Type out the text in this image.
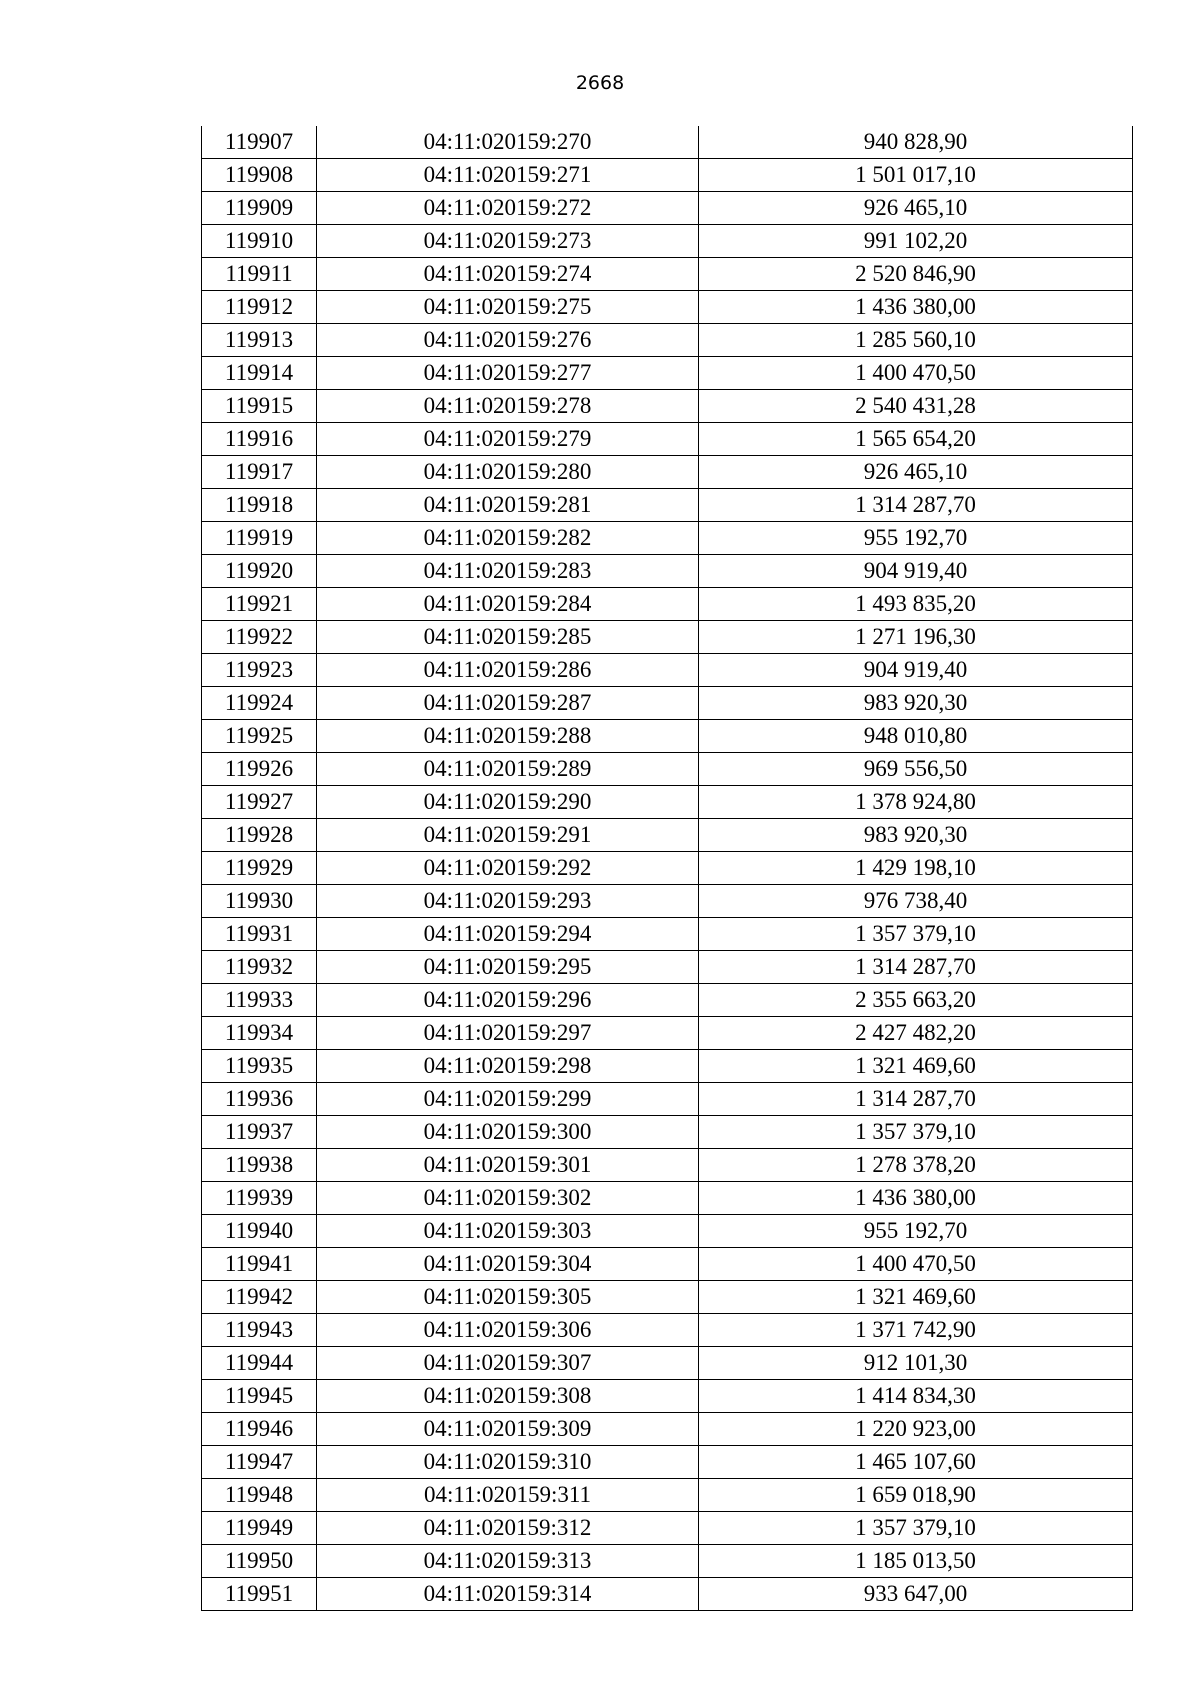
2668
119907	04:11:020159:270	940 828,90
119908	04:11:020159:271	1 501 017,10
119909	04:11:020159:272	926 465,10
119910	04:11:020159:273	991 102,20
119911	04:11:020159:274	2 520 846,90
119912	04:11:020159:275	1 436 380,00
119913	04:11:020159:276	1 285 560,10
119914	04:11:020159:277	1 400 470,50
119915	04:11:020159:278	2 540 431,28
119916	04:11:020159:279	1 565 654,20
119917	04:11:020159:280	926 465,10
119918	04:11:020159:281	1 314 287,70
119919	04:11:020159:282	955 192,70
119920	04:11:020159:283	904 919,40
119921	04:11:020159:284	1 493 835,20
119922	04:11:020159:285	1 271 196,30
119923	04:11:020159:286	904 919,40
119924	04:11:020159:287	983 920,30
119925	04:11:020159:288	948 010,80
119926	04:11:020159:289	969 556,50
119927	04:11:020159:290	1 378 924,80
119928	04:11:020159:291	983 920,30
119929	04:11:020159:292	1 429 198,10
119930	04:11:020159:293	976 738,40
119931	04:11:020159:294	1 357 379,10
119932	04:11:020159:295	1 314 287,70
119933	04:11:020159:296	2 355 663,20
119934	04:11:020159:297	2 427 482,20
119935	04:11:020159:298	1 321 469,60
119936	04:11:020159:299	1 314 287,70
119937	04:11:020159:300	1 357 379,10
119938	04:11:020159:301	1 278 378,20
119939	04:11:020159:302	1 436 380,00
119940	04:11:020159:303	955 192,70
119941	04:11:020159:304	1 400 470,50
119942	04:11:020159:305	1 321 469,60
119943	04:11:020159:306	1 371 742,90
119944	04:11:020159:307	912 101,30
119945	04:11:020159:308	1 414 834,30
119946	04:11:020159:309	1 220 923,00
119947	04:11:020159:310	1 465 107,60
119948	04:11:020159:311	1 659 018,90
119949	04:11:020159:312	1 357 379,10
119950	04:11:020159:313	1 185 013,50
119951	04:11:020159:314	933 647,00
